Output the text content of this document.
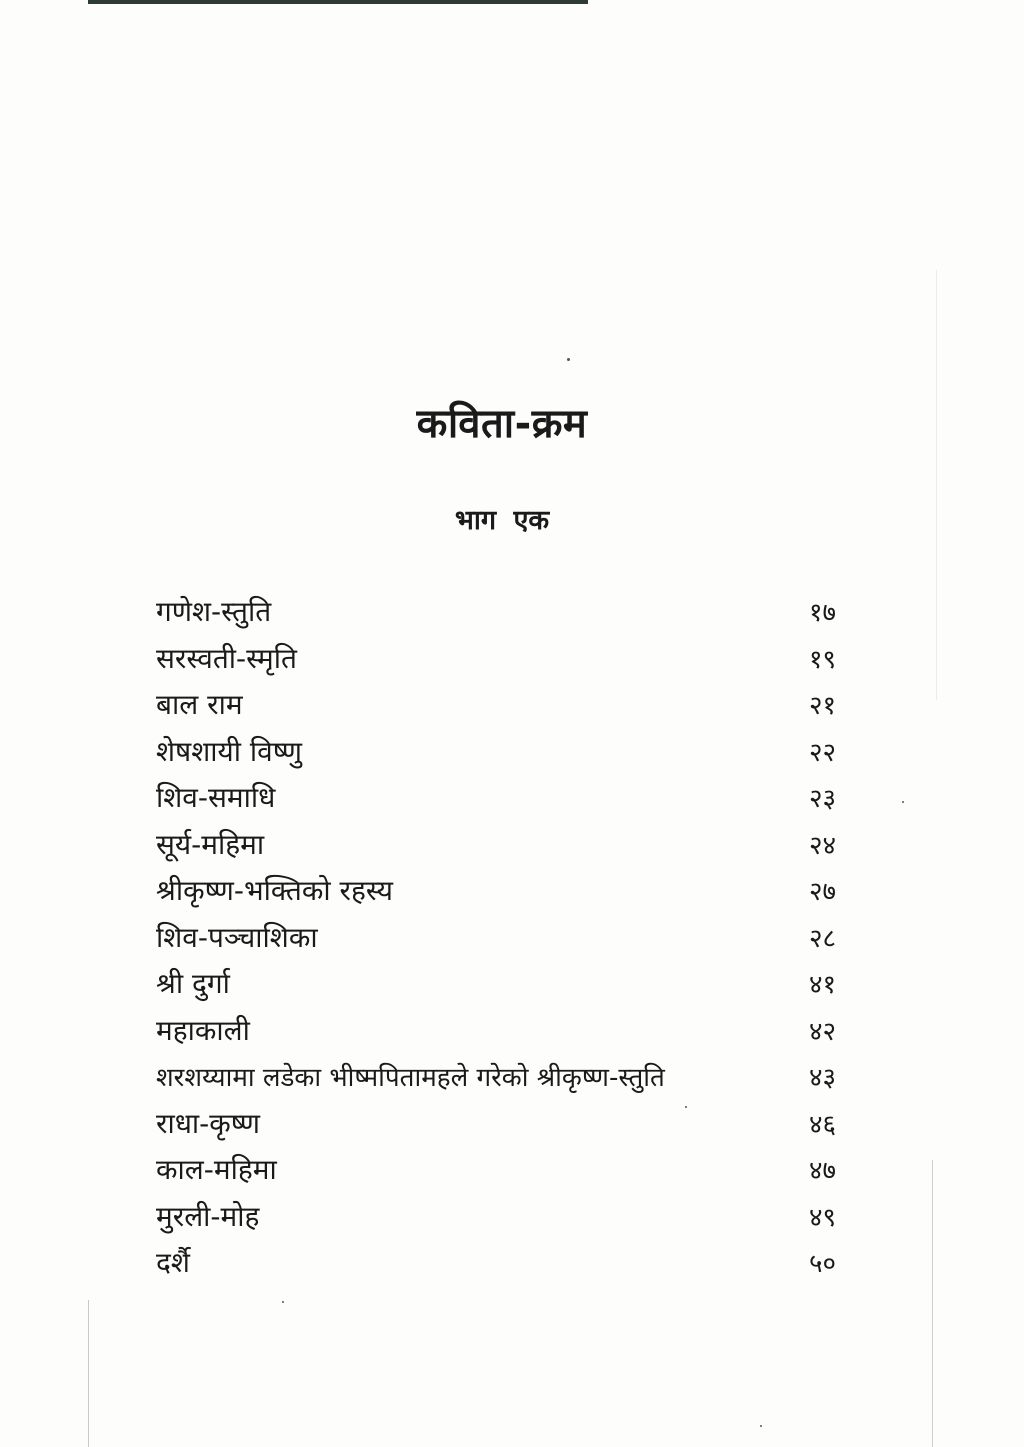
कविता-क्रम
भाग एक
गणेश-स्तुति	१७
सरस्वती-स्मृति	१९
बाल राम	२१
शेषशायी विष्णु	२२
शिव-समाधि	२३
सूर्य-महिमा	२४
श्रीकृष्ण-भक्तिको रहस्य	२७
शिव-पञ्चाशिका	२८
श्री दुर्गा	४१
महाकाली	४२
शरशय्यामा लडेका भीष्मपितामहले गरेको श्रीकृष्ण-स्तुति	४३
राधा-कृष्ण	४६
काल-महिमा	४७
मुरली-मोह	४९
दर्शै	५०
